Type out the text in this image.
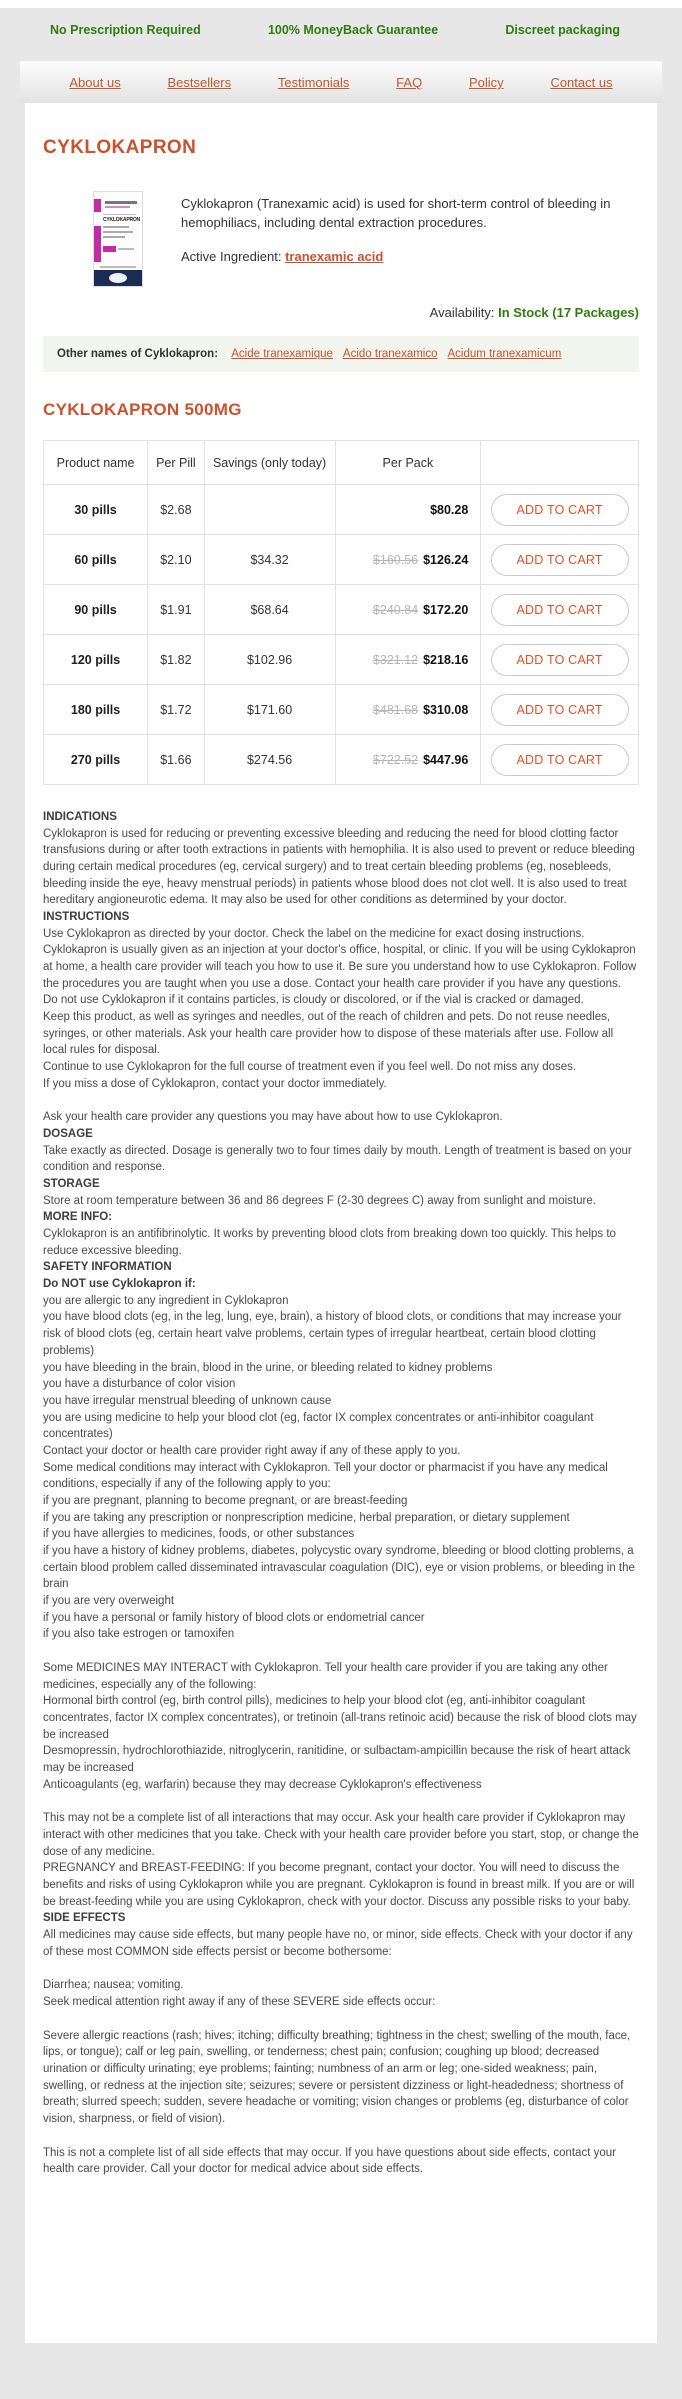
No Prescription Required	100% MoneyBack Guarantee	Discreet packaging
About us	Bestsellers	Testimonials	FAQ	Policy	Contact us
CYKLOKAPRON
CYKLOKAPRON

Cyklokapron (Tranexamic acid) is used for short-term control of bleeding in hemophiliacs, including dental extraction procedures.

Active Ingredient: tranexamic acid

Availability: In Stock (17 Packages)
Other names of Cyklokapron: Acide tranexamique Acido tranexamico Acidum tranexamicum
CYKLOKAPRON 500MG
Product name	Per Pill	Savings (only today)	Per Pack	
30 pills	$2.68		$80.28	ADD TO CART
60 pills	$2.10	$34.32	$160.56 $126.24	ADD TO CART
90 pills	$1.91	$68.64	$240.84 $172.20	ADD TO CART
120 pills	$1.82	$102.96	$321.12 $218.16	ADD TO CART
180 pills	$1.72	$171.60	$481.68 $310.08	ADD TO CART
270 pills	$1.66	$274.56	$722.52 $447.96	ADD TO CART
INDICATIONS
Cyklokapron is used for reducing or preventing excessive bleeding and reducing the need for blood clotting factor transfusions during or after tooth extractions in patients with hemophilia. It is also used to prevent or reduce bleeding during certain medical procedures (eg, cervical surgery) and to treat certain bleeding problems (eg, nosebleeds, bleeding inside the eye, heavy menstrual periods) in patients whose blood does not clot well. It is also used to treat hereditary angioneurotic edema. It may also be used for other conditions as determined by your doctor.
INSTRUCTIONS
Use Cyklokapron as directed by your doctor. Check the label on the medicine for exact dosing instructions.
Cyklokapron is usually given as an injection at your doctor's office, hospital, or clinic. If you will be using Cyklokapron at home, a health care provider will teach you how to use it. Be sure you understand how to use Cyklokapron. Follow the procedures you are taught when you use a dose. Contact your health care provider if you have any questions.
Do not use Cyklokapron if it contains particles, is cloudy or discolored, or if the vial is cracked or damaged.
Keep this product, as well as syringes and needles, out of the reach of children and pets. Do not reuse needles, syringes, or other materials. Ask your health care provider how to dispose of these materials after use. Follow all local rules for disposal.
Continue to use Cyklokapron for the full course of treatment even if you feel well. Do not miss any doses.
If you miss a dose of Cyklokapron, contact your doctor immediately.
Ask your health care provider any questions you may have about how to use Cyklokapron.
DOSAGE
Take exactly as directed. Dosage is generally two to four times daily by mouth. Length of treatment is based on your condition and response.
STORAGE
Store at room temperature between 36 and 86 degrees F (2-30 degrees C) away from sunlight and moisture.
MORE INFO:
Cyklokapron is an antifibrinolytic. It works by preventing blood clots from breaking down too quickly. This helps to reduce excessive bleeding.
SAFETY INFORMATION
Do NOT use Cyklokapron if:
you are allergic to any ingredient in Cyklokapron
you have blood clots (eg, in the leg, lung, eye, brain), a history of blood clots, or conditions that may increase your risk of blood clots (eg, certain heart valve problems, certain types of irregular heartbeat, certain blood clotting problems)
you have bleeding in the brain, blood in the urine, or bleeding related to kidney problems
you have a disturbance of color vision
you have irregular menstrual bleeding of unknown cause
you are using medicine to help your blood clot (eg, factor IX complex concentrates or anti-inhibitor coagulant concentrates)
Contact your doctor or health care provider right away if any of these apply to you.
Some medical conditions may interact with Cyklokapron. Tell your doctor or pharmacist if you have any medical conditions, especially if any of the following apply to you:
if you are pregnant, planning to become pregnant, or are breast-feeding
if you are taking any prescription or nonprescription medicine, herbal preparation, or dietary supplement
if you have allergies to medicines, foods, or other substances
if you have a history of kidney problems, diabetes, polycystic ovary syndrome, bleeding or blood clotting problems, a certain blood problem called disseminated intravascular coagulation (DIC), eye or vision problems, or bleeding in the brain
if you are very overweight
if you have a personal or family history of blood clots or endometrial cancer
if you also take estrogen or tamoxifen
Some MEDICINES MAY INTERACT with Cyklokapron. Tell your health care provider if you are taking any other medicines, especially any of the following:
Hormonal birth control (eg, birth control pills), medicines to help your blood clot (eg, anti-inhibitor coagulant concentrates, factor IX complex concentrates), or tretinoin (all-trans retinoic acid) because the risk of blood clots may be increased
Desmopressin, hydrochlorothiazide, nitroglycerin, ranitidine, or sulbactam-ampicillin because the risk of heart attack may be increased
Anticoagulants (eg, warfarin) because they may decrease Cyklokapron's effectiveness
This may not be a complete list of all interactions that may occur. Ask your health care provider if Cyklokapron may interact with other medicines that you take. Check with your health care provider before you start, stop, or change the dose of any medicine.
PREGNANCY and BREAST-FEEDING: If you become pregnant, contact your doctor. You will need to discuss the benefits and risks of using Cyklokapron while you are pregnant. Cyklokapron is found in breast milk. If you are or will be breast-feeding while you are using Cyklokapron, check with your doctor. Discuss any possible risks to your baby.
SIDE EFFECTS
All medicines may cause side effects, but many people have no, or minor, side effects. Check with your doctor if any of these most COMMON side effects persist or become bothersome:
Diarrhea; nausea; vomiting.
Seek medical attention right away if any of these SEVERE side effects occur:
Severe allergic reactions (rash; hives; itching; difficulty breathing; tightness in the chest; swelling of the mouth, face, lips, or tongue); calf or leg pain, swelling, or tenderness; chest pain; confusion; coughing up blood; decreased urination or difficulty urinating; eye problems; fainting; numbness of an arm or leg; one-sided weakness; pain, swelling, or redness at the injection site; seizures; severe or persistent dizziness or light-headedness; shortness of breath; slurred speech; sudden, severe headache or vomiting; vision changes or problems (eg, disturbance of color vision, sharpness, or field of vision).
This is not a complete list of all side effects that may occur. If you have questions about side effects, contact your health care provider. Call your doctor for medical advice about side effects.
